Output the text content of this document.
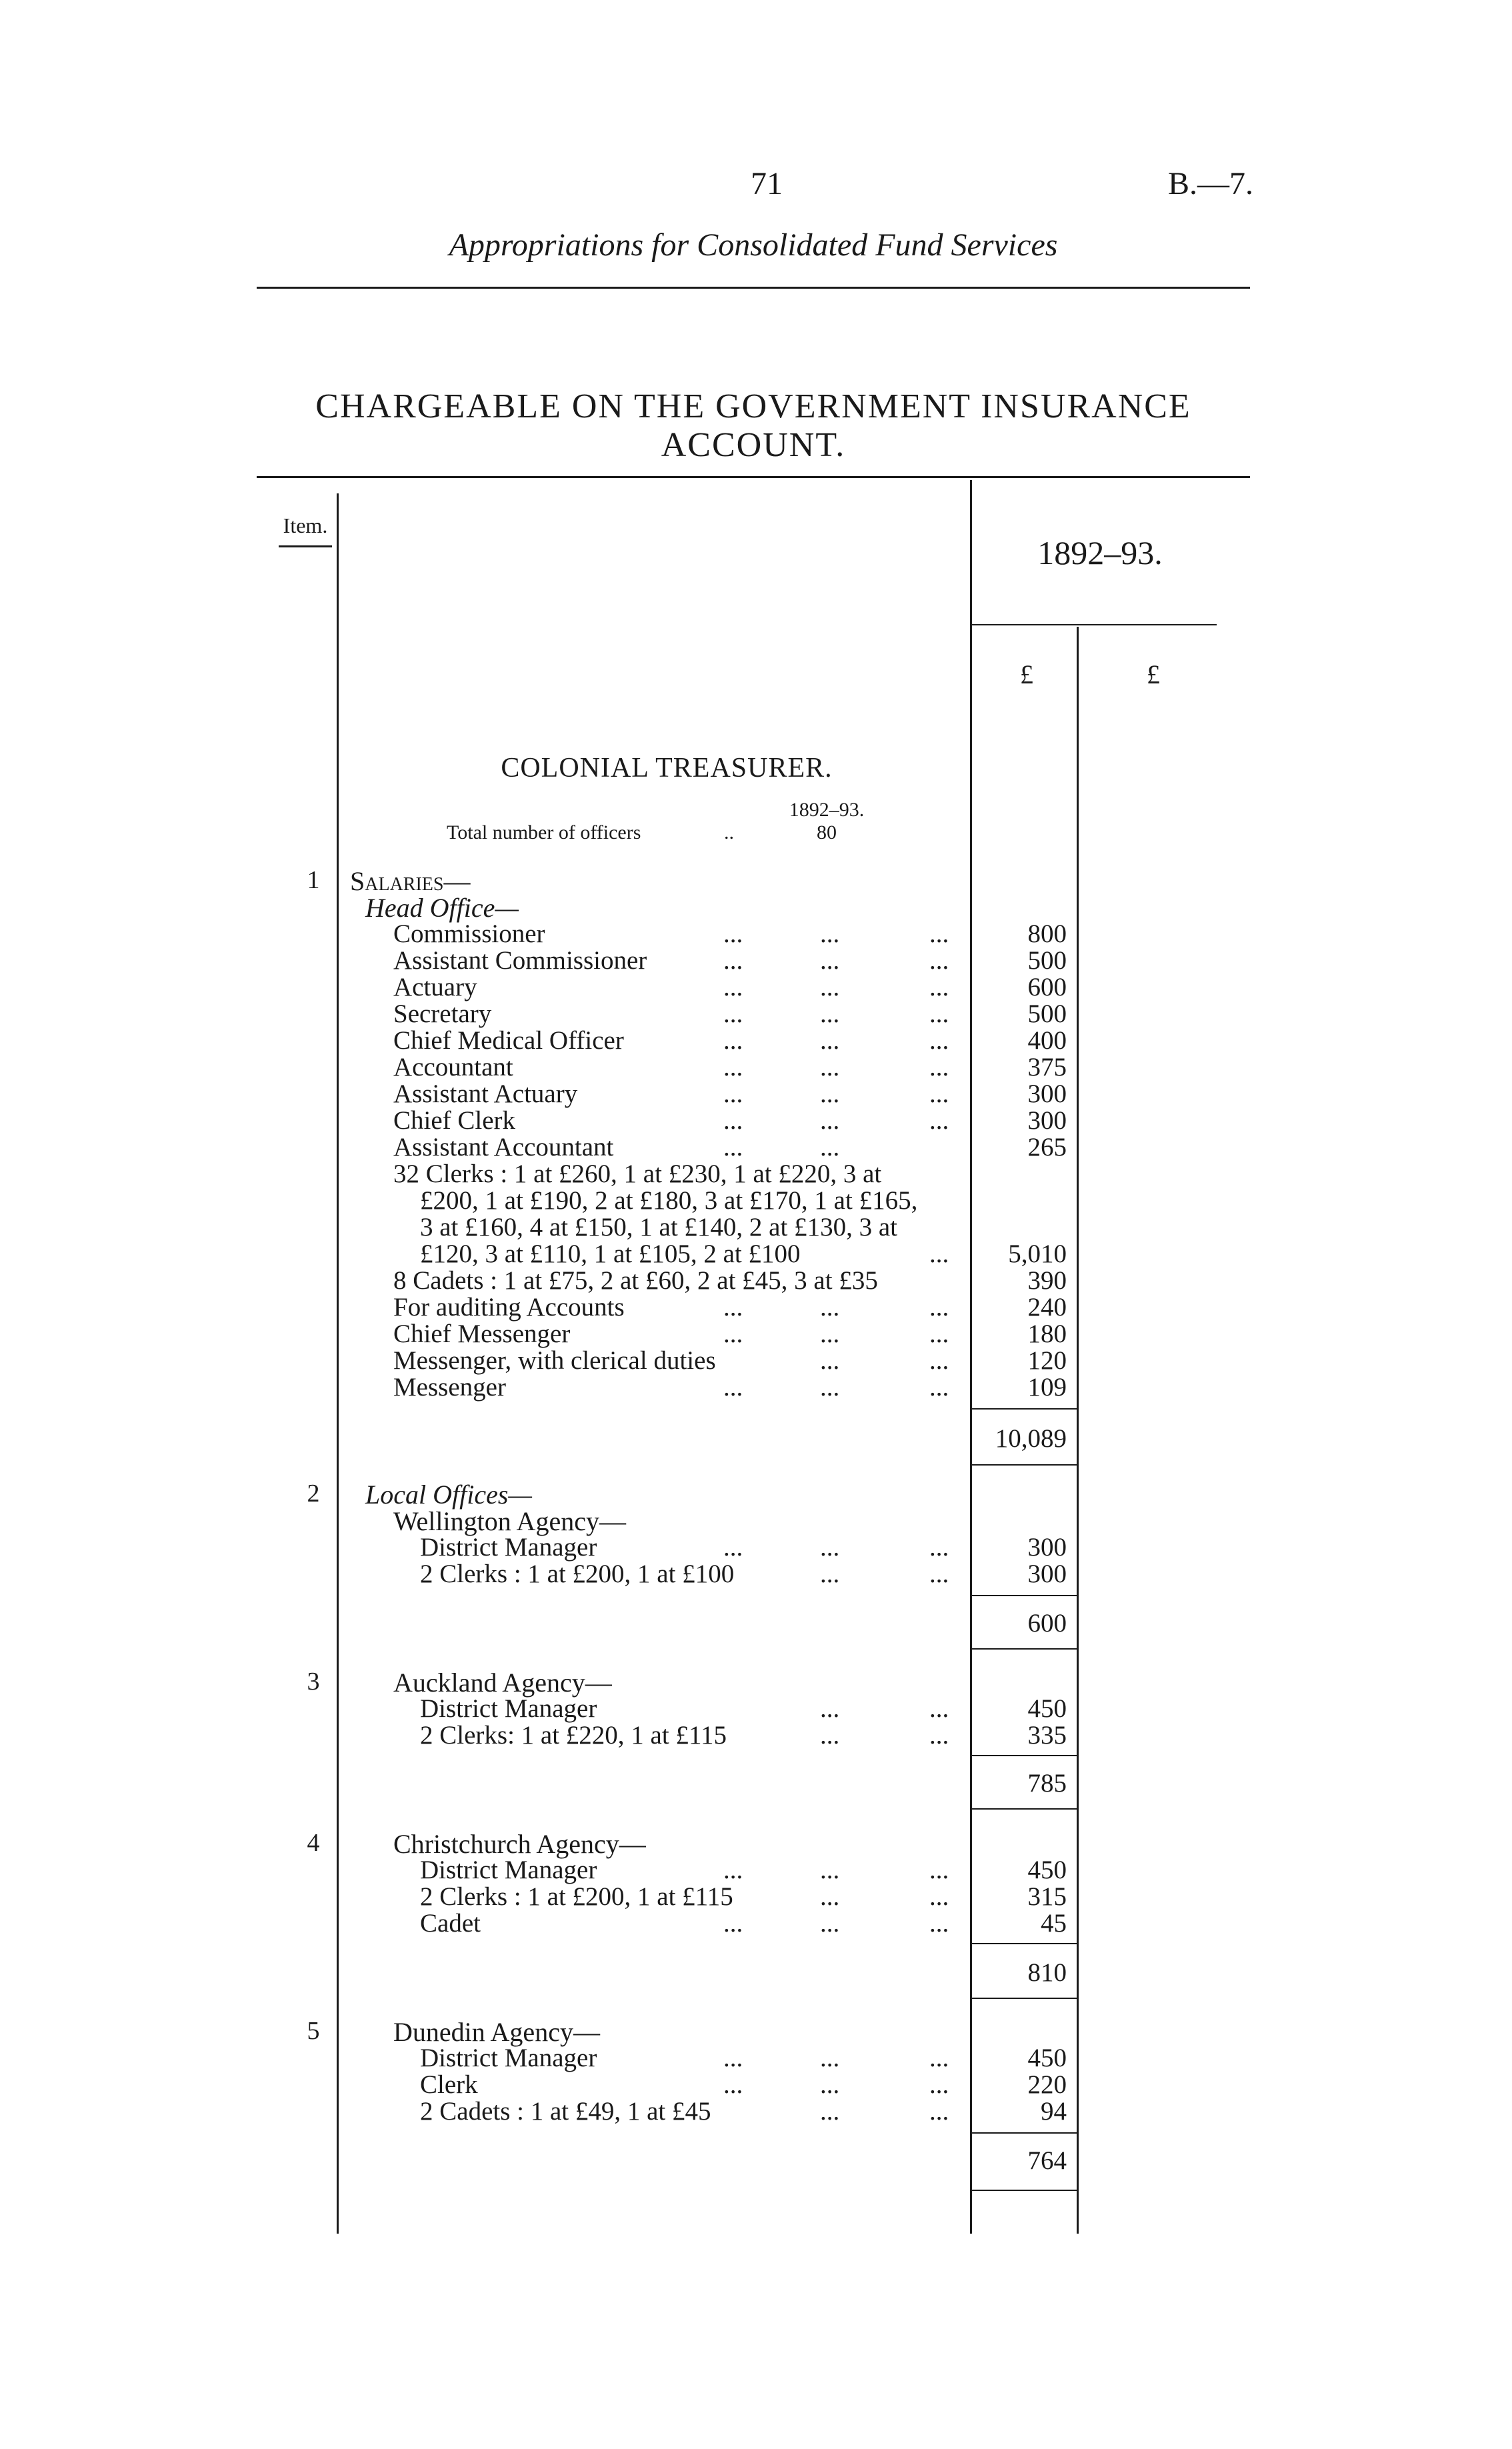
71	B.—7.
Appropriations for Consolidated Fund Services
CHARGEABLE ON THE GOVERNMENT INSURANCE
ACCOUNT.
Item.
1892–93.
£	£
COLONIAL TREASURER.
1892–93.
Total number of officers	..	80
1	Salaries—
Head Office—
Commissioner	...	...	...	800
Assistant Commissioner	...	...	...	500
Actuary	...	...	...	600
Secretary	...	...	...	500
Chief Medical Officer	...	...	...	400
Accountant	...	...	...	375
Assistant Actuary	...	...	...	300
Chief Clerk	...	...	...	300
Assistant Accountant	...	...	265
32 Clerks : 1 at £260, 1 at £230, 1 at £220, 3 at
£200, 1 at £190, 2 at £180, 3 at £170, 1 at £165,
3 at £160, 4 at £150, 1 at £140, 2 at £130, 3 at
£120, 3 at £110, 1 at £105, 2 at £100	...	5,010
8 Cadets : 1 at £75, 2 at £60, 2 at £45, 3 at £35	390
For auditing Accounts	...	...	...	240
Chief Messenger	...	...	...	180
Messenger, with clerical duties	...	...	120
Messenger	...	...	...	109
10,089
2	Local Offices—
Wellington Agency—
District Manager	...	...	...	300
2 Clerks : 1 at £200, 1 at £100	...	...	300
600
3	Auckland Agency—
District Manager	...	...	450
2 Clerks: 1 at £220, 1 at £115	...	...	335
785
4	Christchurch Agency—
District Manager	...	...	...	450
2 Clerks : 1 at £200, 1 at £115	...	...	315
Cadet	...	...	...	45
810
5	Dunedin Agency—
District Manager	...	...	...	450
Clerk	...	...	...	220
2 Cadets : 1 at £49, 1 at £45	...	...	94
764
